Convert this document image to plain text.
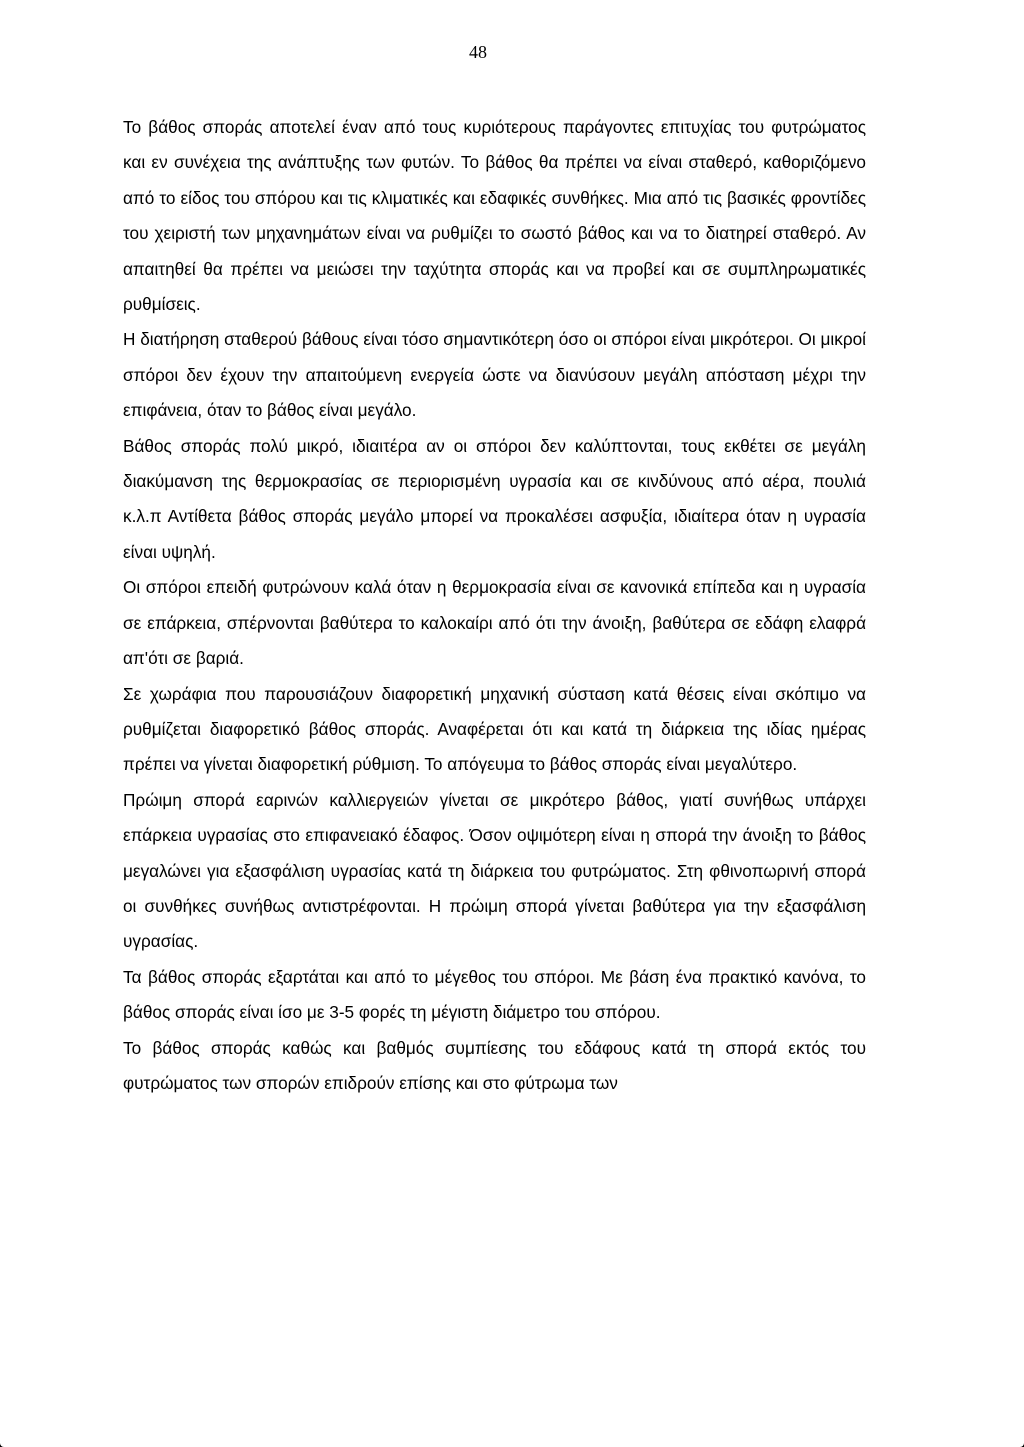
48

Το βάθος σποράς αποτελεί έναν από τους κυριότερους παράγοντες επιτυχίας του φυτρώματος και εν συνέχεια της ανάπτυξης των φυτών. Το βάθος θα πρέπει να είναι σταθερό, καθοριζόμενο από το είδος του σπόρου και τις κλιματικές και εδαφικές συνθήκες. Μια από τις βασικές φροντίδες του χειριστή των μηχανημάτων είναι να ρυθμίζει το σωστό βάθος και να το διατηρεί σταθερό. Αν απαιτηθεί θα πρέπει να μειώσει την ταχύτητα σποράς και να προβεί και σε συμπληρωματικές ρυθμίσεις.

Η διατήρηση σταθερού βάθους είναι τόσο σημαντικότερη όσο οι σπόροι είναι μικρότεροι. Οι μικροί σπόροι δεν έχουν την απαιτούμενη ενεργεία ώστε να διανύσουν μεγάλη απόσταση μέχρι την επιφάνεια, όταν το βάθος είναι μεγάλο.

Βάθος σποράς πολύ μικρό, ιδιαιτέρα αν οι σπόροι δεν καλύπτονται, τους εκθέτει σε μεγάλη διακύμανση της θερμοκρασίας σε περιορισμένη υγρασία και σε κινδύνους από αέρα, πουλιά κ.λ.π Αντίθετα βάθος σποράς μεγάλο μπορεί να προκαλέσει ασφυξία, ιδιαίτερα όταν η υγρασία είναι υψηλή.

Οι σπόροι επειδή φυτρώνουν καλά όταν η θερμοκρασία είναι σε κανονικά επίπεδα και η υγρασία σε επάρκεια, σπέρνονται βαθύτερα το καλοκαίρι από ότι την άνοιξη, βαθύτερα σε εδάφη ελαφρά απ'ότι σε βαριά.

Σε χωράφια που παρουσιάζουν διαφορετική μηχανική σύσταση κατά θέσεις είναι σκόπιμο να ρυθμίζεται διαφορετικό βάθος σποράς. Αναφέρεται ότι και κατά τη διάρκεια της ιδίας ημέρας πρέπει να γίνεται διαφορετική ρύθμιση. Το απόγευμα το βάθος σποράς είναι μεγαλύτερο.

Πρώιμη σπορά εαρινών καλλιεργειών γίνεται σε μικρότερο βάθος, γιατί συνήθως υπάρχει επάρκεια υγρασίας στο επιφανειακό έδαφος. Όσον οψιμότερη είναι η σπορά την άνοιξη το βάθος μεγαλώνει για εξασφάλιση υγρασίας κατά τη διάρκεια του φυτρώματος. Στη φθινοπωρινή σπορά οι συνθήκες συνήθως αντιστρέφονται. Η πρώιμη σπορά γίνεται βαθύτερα για την εξασφάλιση υγρασίας.

Τα βάθος σποράς εξαρτάται και από το μέγεθος του σπόροι. Με βάση ένα πρακτικό κανόνα, το βάθος σποράς είναι ίσο με 3-5 φορές τη μέγιστη διάμετρο του σπόρου.

Το βάθος σποράς καθώς και βαθμός συμπίεσης του εδάφους κατά τη σπορά εκτός του φυτρώματος των σπορών επιδρούν επίσης και στο φύτρωμα των
